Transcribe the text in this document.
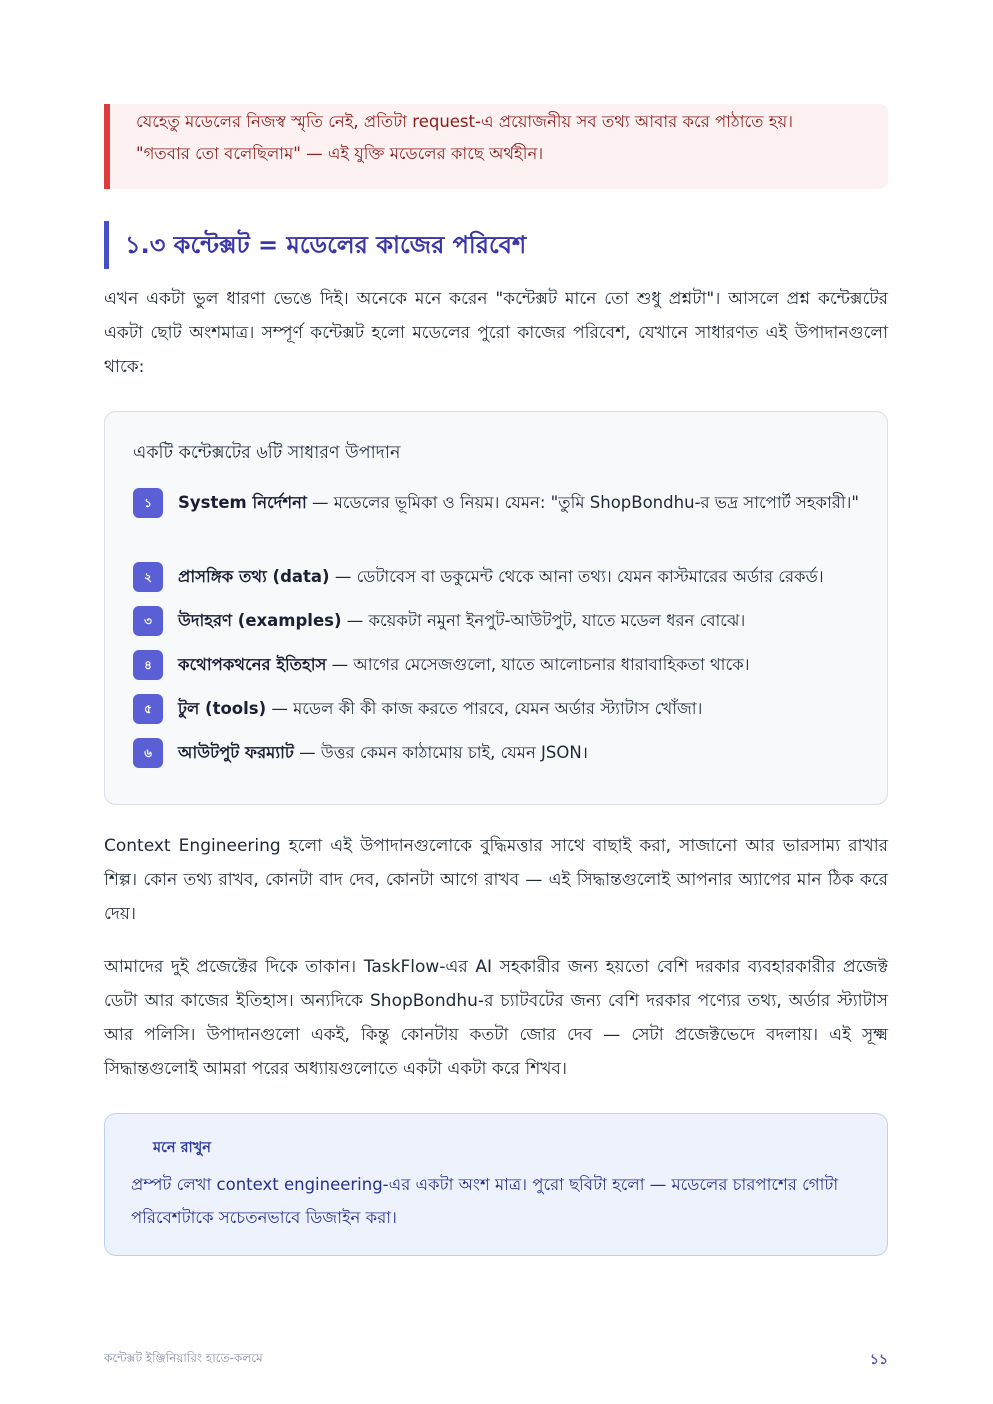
যেহেতু মডেলের নিজস্ব স্মৃতি নেই, প্রতিটা request-এ প্রয়োজনীয় সব তথ্য আবার করে পাঠাতে হয়।

"গতবার তো বলেছিলাম" — এই যুক্তি মডেলের কাছে অর্থহীন।

১.৩ কন্টেক্সট = মডেলের কাজের পরিবেশ

এখন একটা ভুল ধারণা ভেঙে দিই। অনেকে মনে করেন "কন্টেক্সট মানে তো শুধু প্রশ্নটা"। আসলে প্রশ্ন কন্টেক্সটের একটা ছোট অংশমাত্র। সম্পূর্ণ কন্টেক্সট হলো মডেলের পুরো কাজের পরিবেশ, যেখানে সাধারণত এই উপাদানগুলো থাকে:

একটি কন্টেক্সটের ৬টি সাধারণ উপাদান
১	System নির্দেশনা — মডেলের ভূমিকা ও নিয়ম। যেমন: "তুমি ShopBondhu-র ভদ্র সাপোর্ট সহকারী।"
২	প্রাসঙ্গিক তথ্য (data) — ডেটাবেস বা ডকুমেন্ট থেকে আনা তথ্য। যেমন কাস্টমারের অর্ডার রেকর্ড।
৩	উদাহরণ (examples) — কয়েকটা নমুনা ইনপুট-আউটপুট, যাতে মডেল ধরন বোঝে।
৪	কথোপকথনের ইতিহাস — আগের মেসেজগুলো, যাতে আলোচনার ধারাবাহিকতা থাকে।
৫	টুল (tools) — মডেল কী কী কাজ করতে পারবে, যেমন অর্ডার স্ট্যাটাস খোঁজা।
৬	আউটপুট ফরম্যাট — উত্তর কেমন কাঠামোয় চাই, যেমন JSON।

Context Engineering হলো এই উপাদানগুলোকে বুদ্ধিমত্তার সাথে বাছাই করা, সাজানো আর ভারসাম্য রাখার শিল্প। কোন তথ্য রাখব, কোনটা বাদ দেব, কোনটা আগে রাখব — এই সিদ্ধান্তগুলোই আপনার অ্যাপের মান ঠিক করে দেয়।

আমাদের দুই প্রজেক্টের দিকে তাকান। TaskFlow-এর AI সহকারীর জন্য হয়তো বেশি দরকার ব্যবহারকারীর প্রজেক্ট ডেটা আর কাজের ইতিহাস। অন্যদিকে ShopBondhu-র চ্যাটবটের জন্য বেশি দরকার পণ্যের তথ্য, অর্ডার স্ট্যাটাস আর পলিসি। উপাদানগুলো একই, কিন্তু কোনটায় কতটা জোর দেব — সেটা প্রজেক্টভেদে বদলায়। এই সূক্ষ্ম সিদ্ধান্তগুলোই আমরা পরের অধ্যায়গুলোতে একটা একটা করে শিখব।

মনে রাখুন

প্রম্পট লেখা context engineering-এর একটা অংশ মাত্র। পুরো ছবিটা হলো — মডেলের চারপাশের গোটা পরিবেশটাকে সচেতনভাবে ডিজাইন করা।

কন্টেক্সট ইঞ্জিনিয়ারিং হাতে-কলমে	১১
